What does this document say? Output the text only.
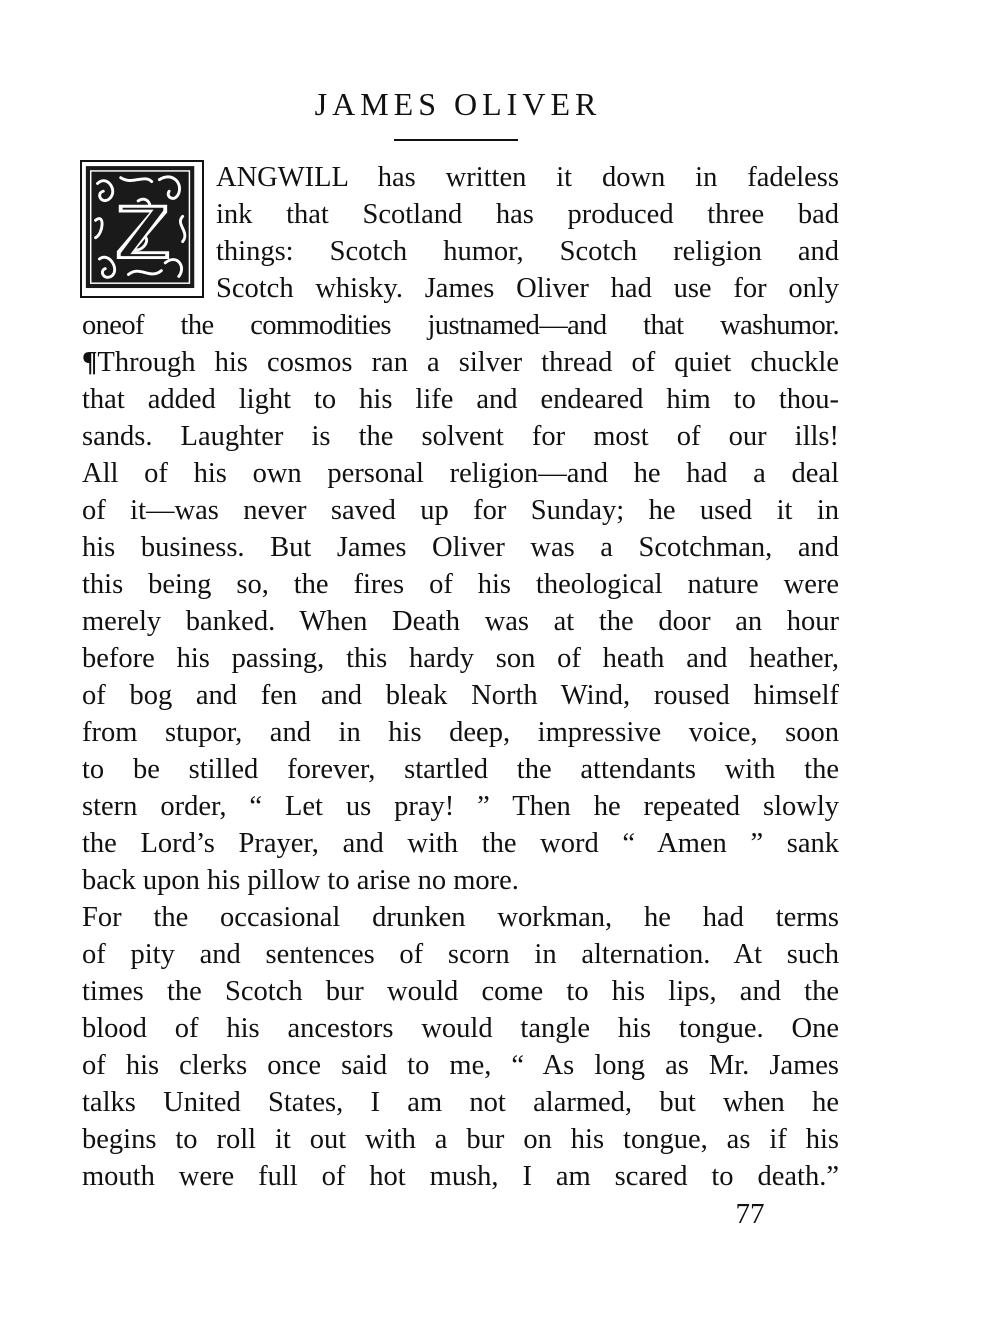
JAMES OLIVER
ANGWILL has written it down in fadeless
ink that Scotland has produced three bad
things: Scotch humor, Scotch religion and
Scotch whisky. James Oliver had use for only
oneof the commodities justnamed—and that washumor.
¶Through his cosmos ran a silver thread of quiet chuckle
that added light to his life and endeared him to thou-
sands. Laughter is the solvent for most of our ills!
All of his own personal religion—and he had a deal
of it—was never saved up for Sunday; he used it in
his business. But James Oliver was a Scotchman, and
this being so, the fires of his theological nature were
merely banked. When Death was at the door an hour
before his passing, this hardy son of heath and heather,
of bog and fen and bleak North Wind, roused himself
from stupor, and in his deep, impressive voice, soon
to be stilled forever, startled the attendants with the
stern order, “ Let us pray! ” Then he repeated slowly
the Lord’s Prayer, and with the word “ Amen ” sank
back upon his pillow to arise no more.
For the occasional drunken workman, he had terms
of pity and sentences of scorn in alternation. At such
times the Scotch bur would come to his lips, and the
blood of his ancestors would tangle his tongue. One
of his clerks once said to me, “ As long as Mr. James
talks United States, I am not alarmed, but when he
begins to roll it out with a bur on his tongue, as if his
mouth were full of hot mush, I am scared to death.”
77
